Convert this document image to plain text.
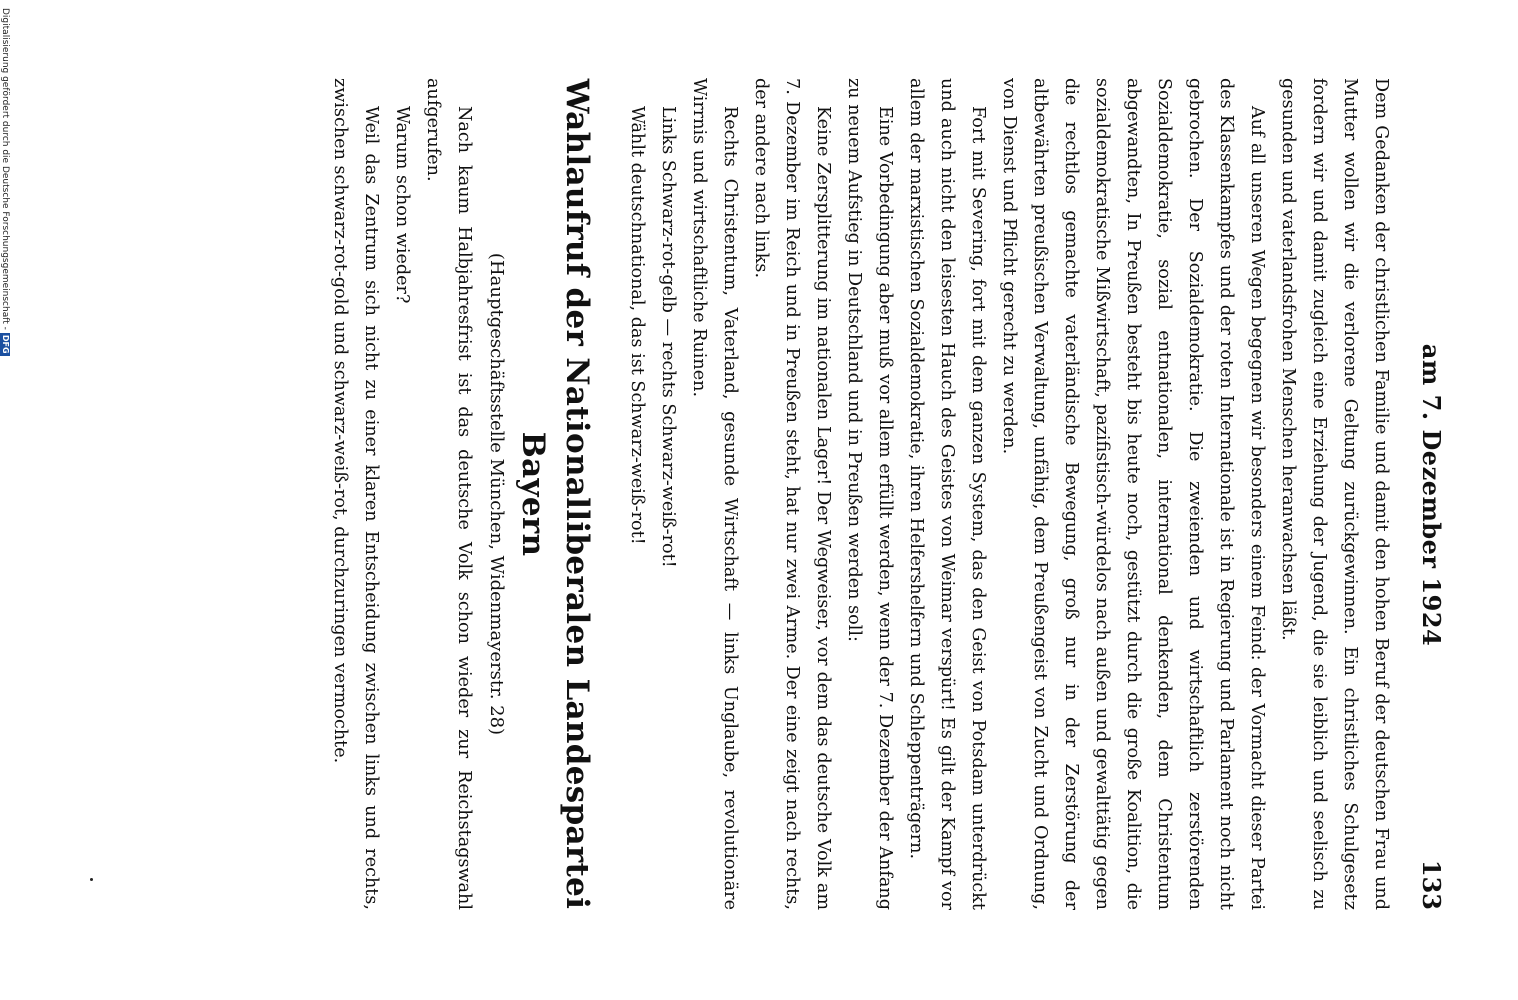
am 7. Dezember 1924
133

Dem Gedanken der christlichen Familie und damit den hohen Beruf der deutschen Frau und Mutter wollen wir die verlorene Geltung zurückgewinnen. Ein christliches Schulgesetz fordern wir und damit zugleich eine Erziehung der Jugend, die sie leiblich und seelisch zu gesunden und vaterlandsfrohen Menschen heranwachsen läßt.

Auf all unseren Wegen begegnen wir besonders einem Feind: der Vormacht dieser Partei des Klassenkampfes und der roten Internationale ist in Regierung und Parlament noch nicht gebrochen. Der Sozialdemokratie. Die zweienden und wirtschaftlich zerstörenden Sozialdemokratie, sozial entnationalen, international denkenden, dem Christentum abgewandten, In Preußen besteht bis heute noch, gestützt durch die große Koalition, die sozialdemokratische Mißwirtschaft, pazifistisch-würdelos nach außen und gewalttätig gegen die rechtlos gemachte vaterländische Bewegung, groß nur in der Zerstörung der altbewährten preußischen Verwaltung, unfähig, dem Preußengeist von Zucht und Ordnung, von Dienst und Pflicht gerecht zu werden.

Fort mit Severing, fort mit dem ganzen System, das den Geist von Potsdam unterdrückt und auch nicht den leisesten Hauch des Geistes von Weimar verspürt! Es gilt der Kampf vor allem der marxistischen Sozialdemokratie, ihren Helfershelfern und Schleppenträgern.

Eine Vorbedingung aber muß vor allem erfüllt werden, wenn der 7. Dezember der Anfang zu neuem Aufstieg in Deutschland und in Preußen werden soll:

Keine Zersplitterung im nationalen Lager! Der Wegweiser, vor dem das deutsche Volk am 7. Dezember im Reich und in Preußen steht, hat nur zwei Arme. Der eine zeigt nach rechts, der andere nach links.

Rechts Christentum, Vaterland, gesunde Wirtschaft — links Unglaube, revolutionäre Wirrnis und wirtschaftliche Ruinen.

Links Schwarz-rot-gelb — rechts Schwarz-weiß-rot!

Wählt deutschnational, das ist Schwarz-weiß-rot!

Wahlaufruf der Nationalliberalen Landespartei Bayern
(Hauptgeschäftsstelle München, Widenmayerstr. 28)

Nach kaum Halbjahresfrist ist das deutsche Volk schon wieder zur Reichstagswahl aufgerufen.

Warum schon wieder?

Weil das Zentrum sich nicht zu einer klaren Entscheidung zwischen links und rechts, zwischen schwarz-rot-gold und schwarz-weiß-rot, durchzuringen vermochte.

Digitalisierung gefördert durch die Deutsche Forschungsgemeinschaft -DFG
